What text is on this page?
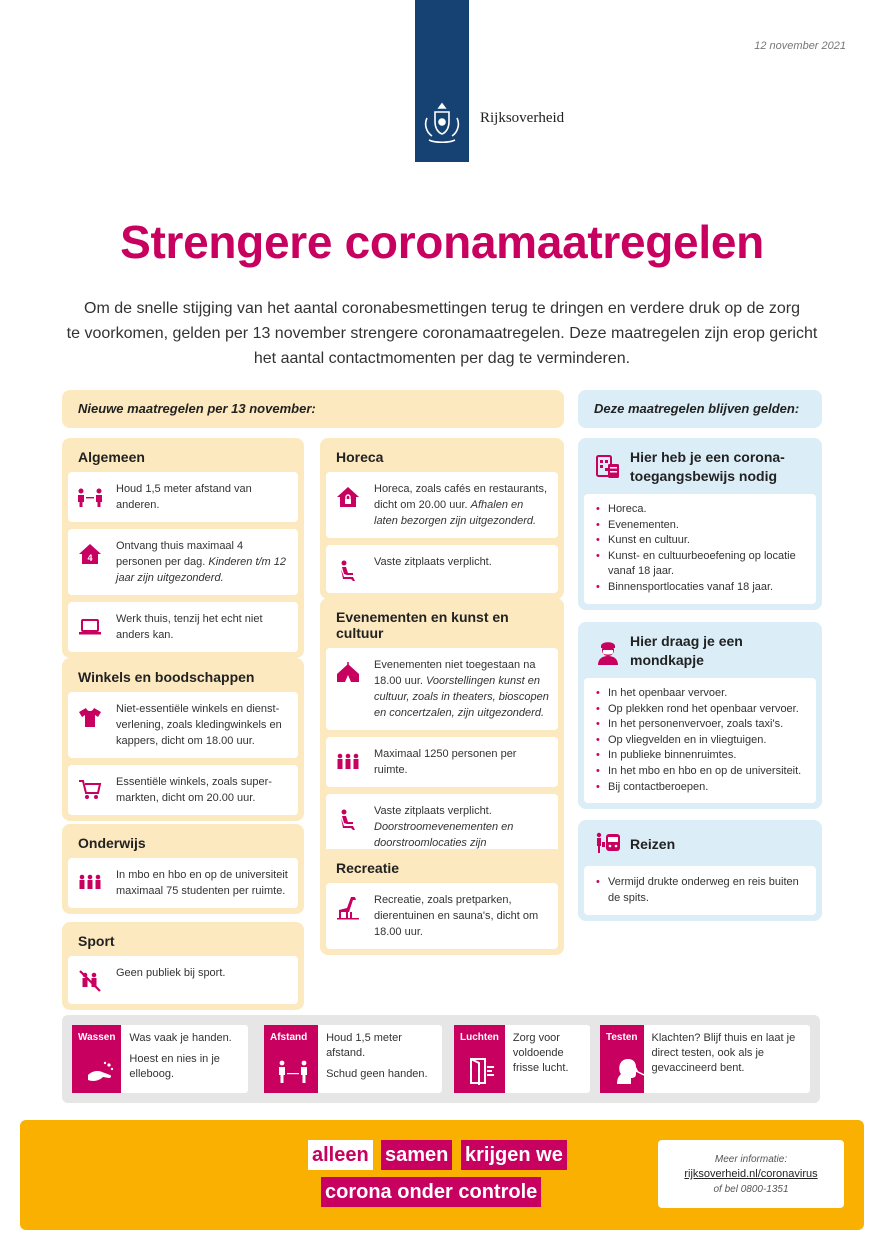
Rijksoverheid
12 november 2021
Strengere coronamaatregelen
Om de snelle stijging van het aantal coronabesmettingen terug te dringen en verdere druk op de zorg
te voorkomen, gelden per 13 november strengere coronamaatregelen. Deze maatregelen zijn erop gericht
het aantal contactmomenten per dag te verminderen.
Nieuwe maatregelen per 13 november:	Deze maatregelen blijven gelden:
Algemeen
Houd 1,5 meter afstand van anderen.
4
Ontvang thuis maximaal 4 personen per dag. Kinderen t/m 12 jaar zijn uitgezonderd.
Werk thuis, tenzij het echt niet anders kan.
Winkels en boodschappen
Niet-essentiële winkels en dienst-verlening, zoals kledingwinkels en kappers, dicht om 18.00 uur.
Essentiële winkels, zoals super-markten, dicht om 20.00 uur.
Onderwijs
In mbo en hbo en op de universiteit maximaal 75 studenten per ruimte.
Sport
Geen publiek bij sport.
Horeca
Horeca, zoals cafés en restaurants, dicht om 20.00 uur. Afhalen en laten bezorgen zijn uitgezonderd.
Vaste zitplaats verplicht.
Evenementen en kunst en cultuur
Evenementen niet toegestaan na 18.00 uur. Voorstellingen kunst en cultuur, zoals in theaters, bioscopen en concertzalen, zijn uitgezonderd.
Maximaal 1250 personen per ruimte.
Vaste zitplaats verplicht.
Doorstroomevenementen en doorstroomlocaties zijn
Recreatie
Recreatie, zoals pretparken, dierentuinen en sauna's, dicht om 18.00 uur.
Hier heb je een corona-
toegangsbewijs nodig
• Horeca.
• Evenementen.
• Kunst en cultuur.
• Kunst- en cultuurbeoefening op locatie vanaf 18 jaar.
• Binnensportlocaties vanaf 18 jaar.
Hier draag je een
mondkapje
• In het openbaar vervoer.
• Op plekken rond het openbaar vervoer.
• In het personenvervoer, zoals taxi's.
• Op vliegvelden en in vliegtuigen.
• In publieke binnenruimtes.
• In het mbo en hbo en op de universiteit.
• Bij contactberoepen.
Reizen
• Vermijd drukte onderweg en reis buiten de spits.
Wassen	Was vaak je handen.

Hoest en nies in je elleboog.

Afstand	Houd 1,5 meter afstand.

Schud geen handen.

Luchten	Zorg voor voldoende frisse lucht.

Testen	Klachten? Blijf thuis en laat je direct testen, ook als je gevaccineerd bent.

alleen samen krijgen we
corona onder controle
Meer informatie:
rijksoverheid.nl/coronavirus
of bel 0800-1351
